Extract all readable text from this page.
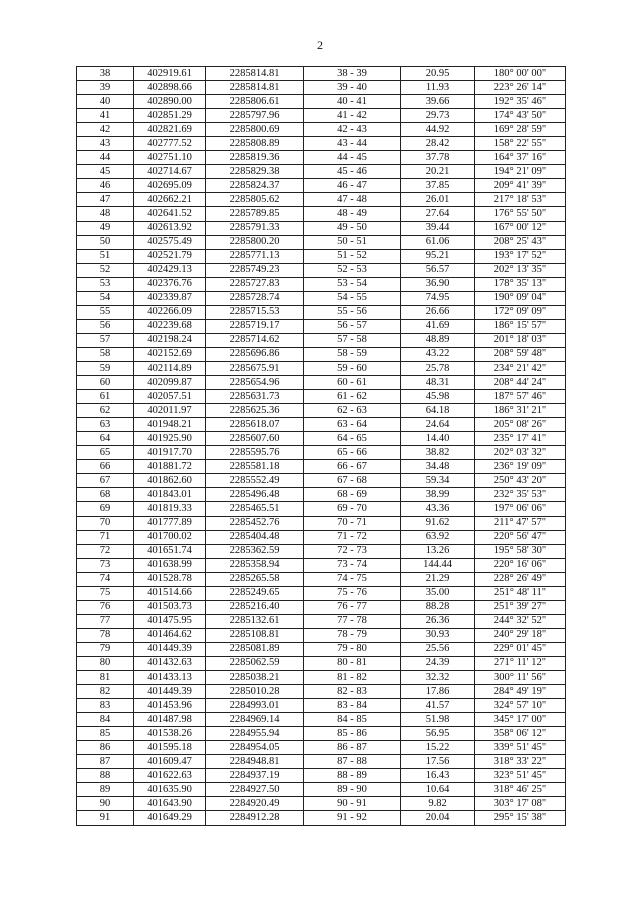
2
38	402919.61	2285814.81	38 - 39	20.95	180° 00' 00"
39	402898.66	2285814.81	39 - 40	11.93	223° 26' 14"
40	402890.00	2285806.61	40 - 41	39.66	192° 35' 46"
41	402851.29	2285797.96	41 - 42	29.73	174° 43' 50"
42	402821.69	2285800.69	42 - 43	44.92	169° 28' 59"
43	402777.52	2285808.89	43 - 44	28.42	158° 22' 55"
44	402751.10	2285819.36	44 - 45	37.78	164° 37' 16"
45	402714.67	2285829.38	45 - 46	20.21	194° 21' 09"
46	402695.09	2285824.37	46 - 47	37.85	209° 41' 39"
47	402662.21	2285805.62	47 - 48	26.01	217° 18' 53"
48	402641.52	2285789.85	48 - 49	27.64	176° 55' 50"
49	402613.92	2285791.33	49 - 50	39.44	167° 00' 12"
50	402575.49	2285800.20	50 - 51	61.06	208° 25' 43"
51	402521.79	2285771.13	51 - 52	95.21	193° 17' 52"
52	402429.13	2285749.23	52 - 53	56.57	202° 13' 35"
53	402376.76	2285727.83	53 - 54	36.90	178° 35' 13"
54	402339.87	2285728.74	54 - 55	74.95	190° 09' 04"
55	402266.09	2285715.53	55 - 56	26.66	172° 09' 09"
56	402239.68	2285719.17	56 - 57	41.69	186° 15' 57"
57	402198.24	2285714.62	57 - 58	48.89	201° 18' 03"
58	402152.69	2285696.86	58 - 59	43.22	208° 59' 48"
59	402114.89	2285675.91	59 - 60	25.78	234° 21' 42"
60	402099.87	2285654.96	60 - 61	48.31	208° 44' 24"
61	402057.51	2285631.73	61 - 62	45.98	187° 57' 46"
62	402011.97	2285625.36	62 - 63	64.18	186° 31' 21"
63	401948.21	2285618.07	63 - 64	24.64	205° 08' 26"
64	401925.90	2285607.60	64 - 65	14.40	235° 17' 41"
65	401917.70	2285595.76	65 - 66	38.82	202° 03' 32"
66	401881.72	2285581.18	66 - 67	34.48	236° 19' 09"
67	401862.60	2285552.49	67 - 68	59.34	250° 43' 20"
68	401843.01	2285496.48	68 - 69	38.99	232° 35' 53"
69	401819.33	2285465.51	69 - 70	43.36	197° 06' 06"
70	401777.89	2285452.76	70 - 71	91.62	211° 47' 57"
71	401700.02	2285404.48	71 - 72	63.92	220° 56' 47"
72	401651.74	2285362.59	72 - 73	13.26	195° 58' 30"
73	401638.99	2285358.94	73 - 74	144.44	220° 16' 06"
74	401528.78	2285265.58	74 - 75	21.29	228° 26' 49"
75	401514.66	2285249.65	75 - 76	35.00	251° 48' 11"
76	401503.73	2285216.40	76 - 77	88.28	251° 39' 27"
77	401475.95	2285132.61	77 - 78	26.36	244° 32' 52"
78	401464.62	2285108.81	78 - 79	30.93	240° 29' 18"
79	401449.39	2285081.89	79 - 80	25.56	229° 01' 45"
80	401432.63	2285062.59	80 - 81	24.39	271° 11' 12"
81	401433.13	2285038.21	81 - 82	32.32	300° 11' 56"
82	401449.39	2285010.28	82 - 83	17.86	284° 49' 19"
83	401453.96	2284993.01	83 - 84	41.57	324° 57' 10"
84	401487.98	2284969.14	84 - 85	51.98	345° 17' 00"
85	401538.26	2284955.94	85 - 86	56.95	358° 06' 12"
86	401595.18	2284954.05	86 - 87	15.22	339° 51' 45"
87	401609.47	2284948.81	87 - 88	17.56	318° 33' 22"
88	401622.63	2284937.19	88 - 89	16.43	323° 51' 45"
89	401635.90	2284927.50	89 - 90	10.64	318° 46' 25"
90	401643.90	2284920.49	90 - 91	9.82	303° 17' 08"
91	401649.29	2284912.28	91 - 92	20.04	295° 15' 38"
